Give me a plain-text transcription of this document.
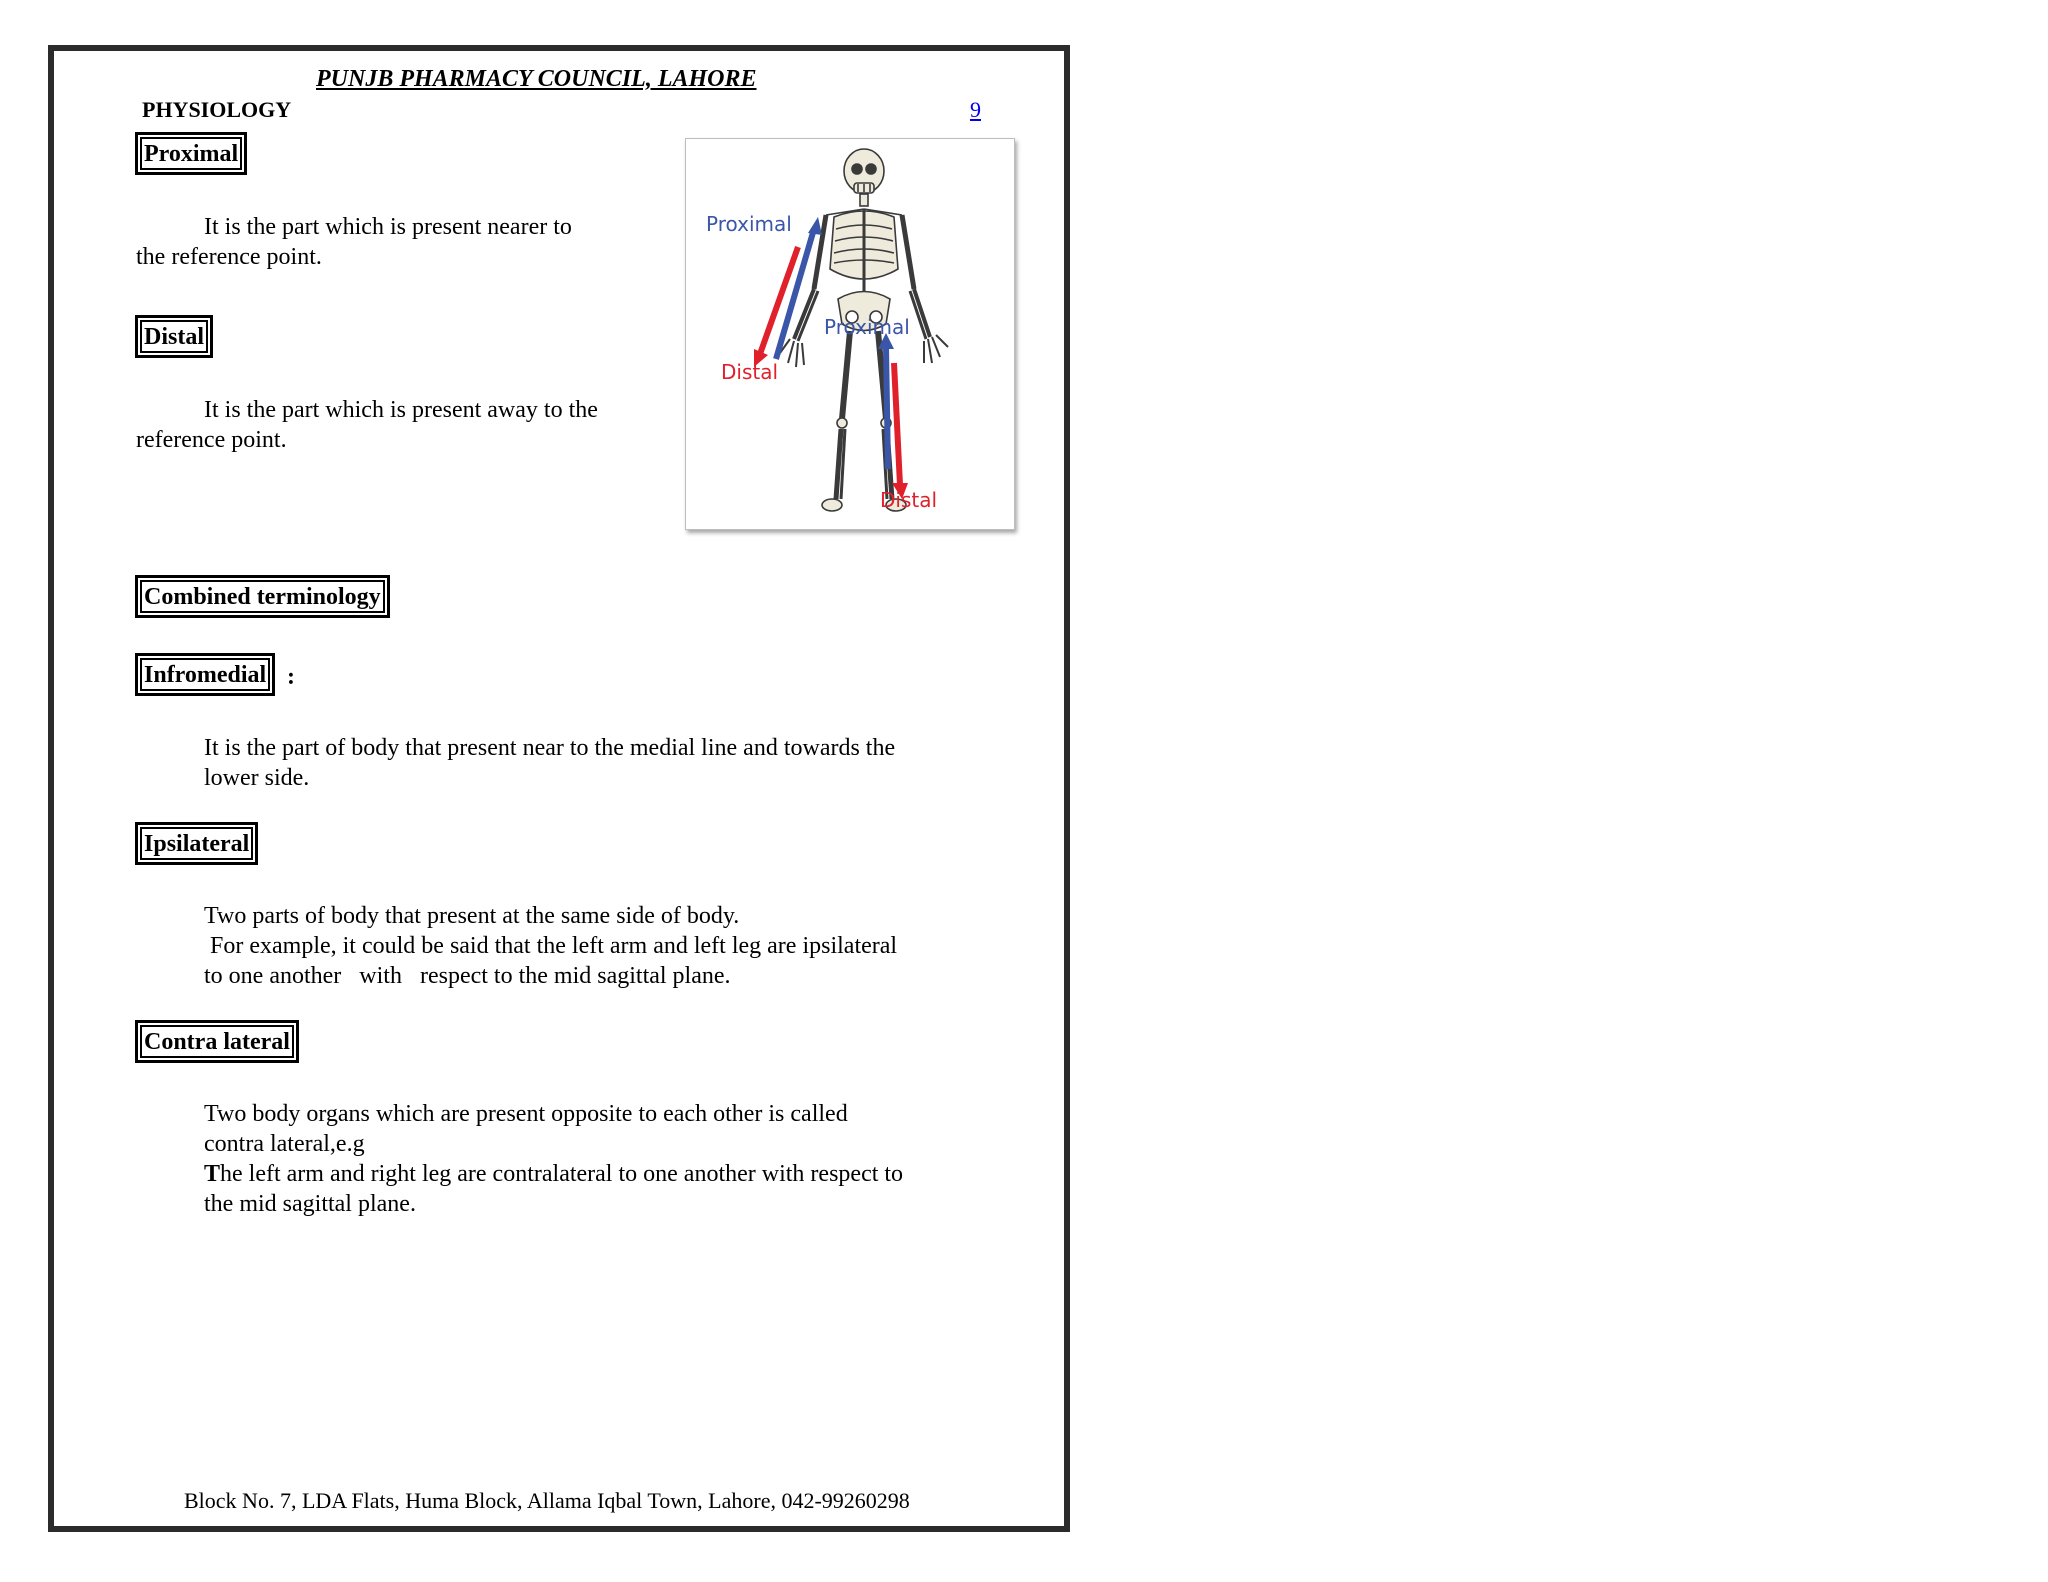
PUNJB PHARMACY COUNCIL, LAHORE
PHYSIOLOGY	9
Proximal
It is the part which is present nearer to
the reference point.
Distal
It is the part which is present away to the
reference point.
Proximal
Distal
Proximal
Distal
Combined terminology
Infromedial :
It is the part of body that present near to the medial line and towards the
lower side.
Ipsilateral
Two parts of body that present at the same side of body.
For example, it could be said that the left arm and left leg are ipsilateral
to one another   with   respect to the mid sagittal plane.
Contra lateral
Two body organs which are present opposite to each other is called
contra lateral,e.g
The left arm and right leg are contralateral to one another with respect to
the mid sagittal plane.
Block No. 7, LDA Flats, Huma Block, Allama Iqbal Town, Lahore, 042-99260298
